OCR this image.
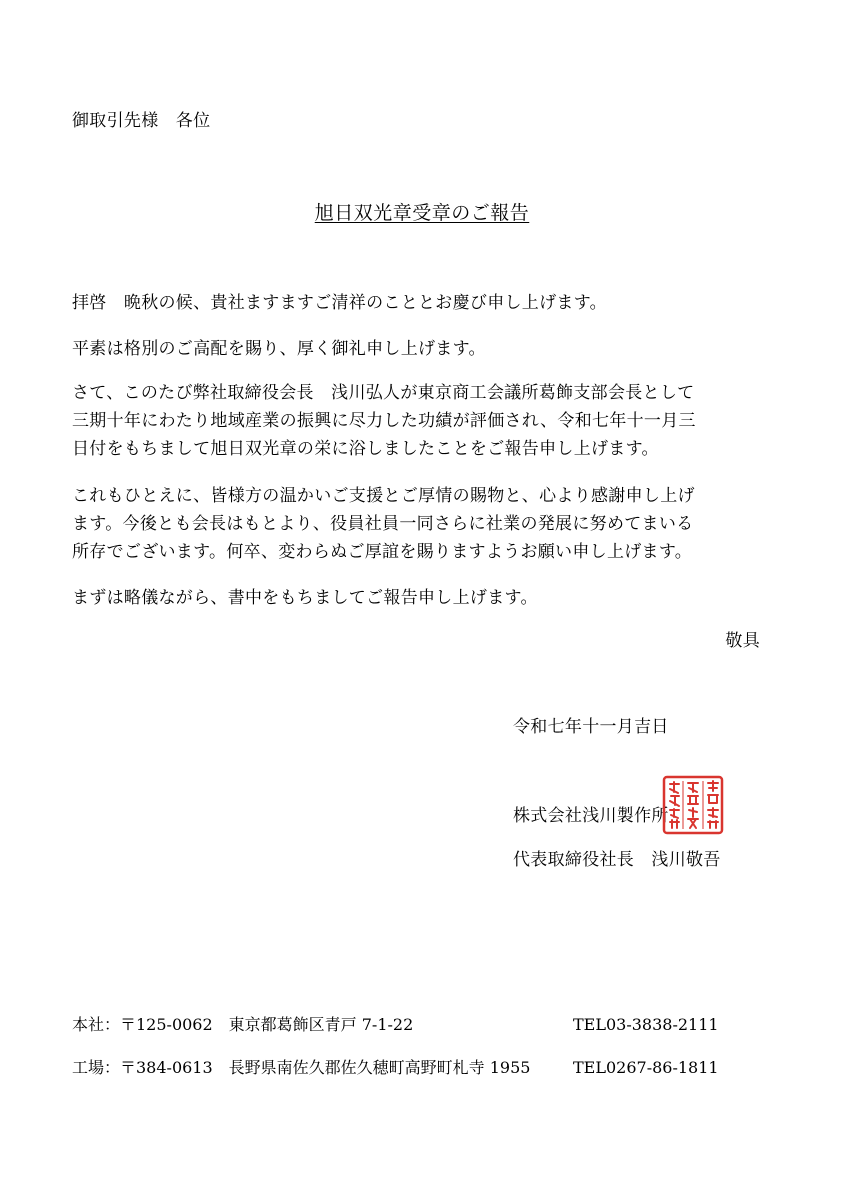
御取引先様　各位
旭日双光章受章のご報告
拝啓　晩秋の候、貴社ますますご清祥のこととお慶び申し上げます。
平素は格別のご高配を賜り、厚く御礼申し上げます。
さて、このたび弊社取締役会長　浅川弘人が東京商工会議所葛飾支部会長として
三期十年にわたり地域産業の振興に尽力した功績が評価され、令和七年十一月三
日付をもちまして旭日双光章の栄に浴しましたことをご報告申し上げます。
これもひとえに、皆様方の温かいご支援とご厚情の賜物と、心より感謝申し上げ
ます。今後とも会長はもとより、役員社員一同さらに社業の発展に努めてまいる
所存でございます。何卒、変わらぬご厚誼を賜りますようお願い申し上げます。
まずは略儀ながら、書中をもちましてご報告申し上げます。
敬具
令和七年十一月吉日
株式会社浅川製作所
代表取締役社長　浅川敬吾
本社：〒125-0062　東京都葛飾区青戸 7-1-22	TEL03-3838-2111
工場：〒384-0613　長野県南佐久郡佐久穂町高野町札寺 1955	TEL0267-86-1811
